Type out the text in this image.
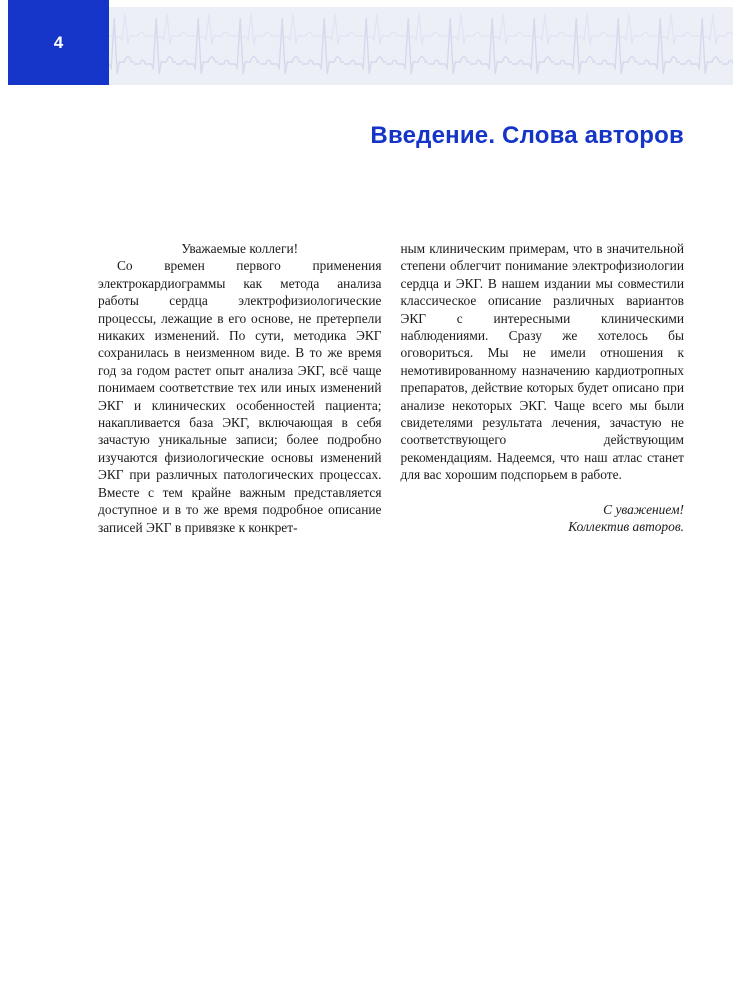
4
Введение. Слова авторов

Уважаемые коллеги!

Со времен первого применения электрокардиограммы как метода анализа работы сердца электрофизиологические процессы, лежащие в его основе, не претерпели никаких изменений. По сути, методика ЭКГ сохранилась в неизменном виде. В то же время год за годом растет опыт анализа ЭКГ, всё чаще понимаем соответствие тех или иных изменений ЭКГ и клинических особенностей пациента; накапливается база ЭКГ, включающая в себя зачастую уникальные записи; более подробно изучаются физиологические основы изменений ЭКГ при различных патологических процессах. Вместе с тем крайне важным представляется доступное и в то же время подробное описание записей ЭКГ в привязке к конкрет-

ным клиническим примерам, что в значительной степени облегчит понимание электрофизиологии сердца и ЭКГ. В нашем издании мы совместили классическое описание различных вариантов ЭКГ с интересными клиническими наблюдениями. Сразу же хотелось бы оговориться. Мы не имели отношения к немотивированному назначению кардиотропных препаратов, действие которых будет описано при анализе некоторых ЭКГ. Чаще всего мы были свидетелями результата лечения, зачастую не соответствующего действующим рекомендациям. Надеемся, что наш атлас станет для вас хорошим подспорьем в работе.

С уважением!
Коллектив авторов.
